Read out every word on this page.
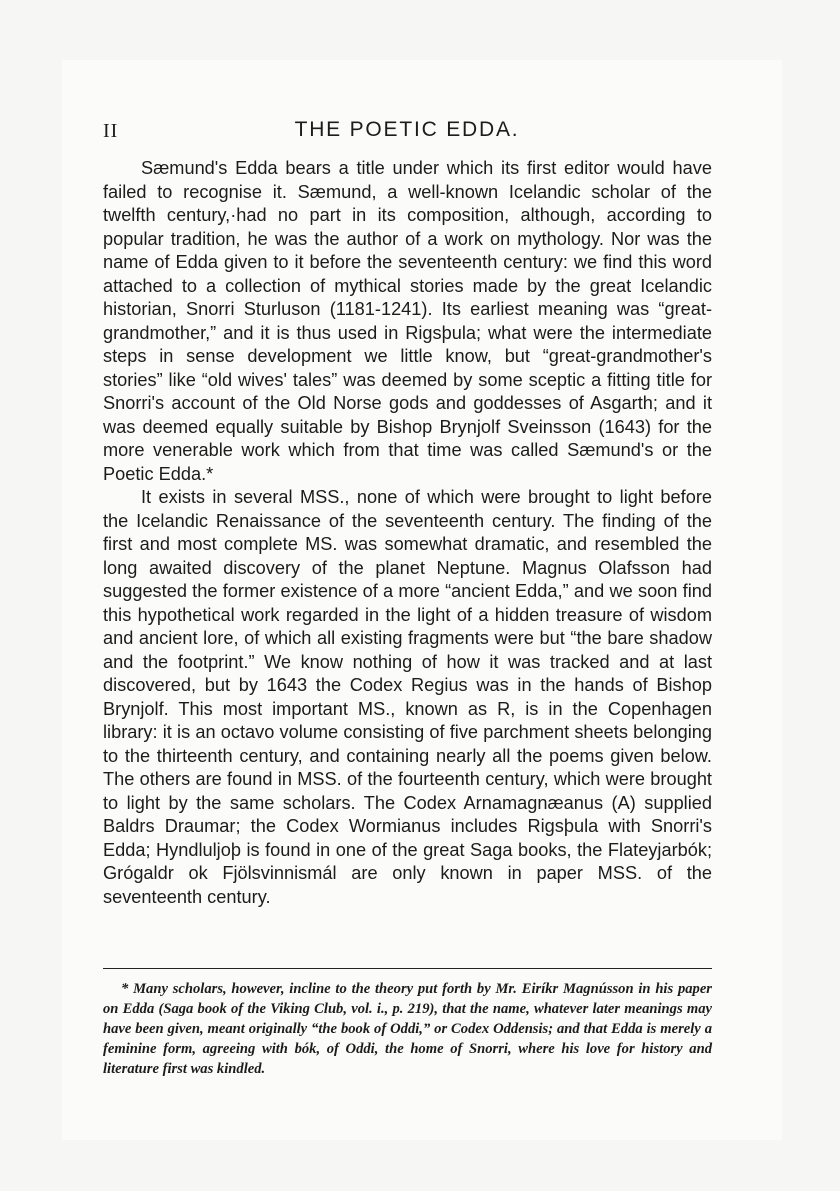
II	THE POETIC EDDA.

Sæmund's Edda bears a title under which its first editor would have failed to recognise it. Sæmund, a well-known Icelandic scholar of the twelfth century,·had no part in its composition, although, according to popular tradition, he was the author of a work on mythology. Nor was the name of Edda given to it before the seventeenth century: we find this word attached to a collection of mythical stories made by the great Icelandic historian, Snorri Sturluson (1181-1241). Its earliest meaning was “great-grandmother,” and it is thus used in Rigsþula; what were the intermediate steps in sense development we little know, but “great-grandmother's stories” like “old wives' tales” was deemed by some sceptic a fitting title for Snorri's account of the Old Norse gods and goddesses of Asgarth; and it was deemed equally suitable by Bishop Brynjolf Sveinsson (1643) for the more venerable work which from that time was called Sæmund's or the Poetic Edda.*

It exists in several MSS., none of which were brought to light before the Icelandic Renaissance of the seventeenth century. The finding of the first and most complete MS. was somewhat dramatic, and resembled the long awaited discovery of the planet Neptune. Magnus Olafsson had suggested the former existence of a more “ancient Edda,” and we soon find this hypothetical work regarded in the light of a hidden treasure of wisdom and ancient lore, of which all existing fragments were but “the bare shadow and the footprint.” We know nothing of how it was tracked and at last discovered, but by 1643 the Codex Regius was in the hands of Bishop Brynjolf. This most important MS., known as R, is in the Copenhagen library: it is an octavo volume consisting of five parchment sheets belonging to the thirteenth century, and containing nearly all the poems given below. The others are found in MSS. of the fourteenth century, which were brought to light by the same scholars. The Codex Arnamagnæanus (A) supplied Baldrs Draumar; the Codex Wormianus includes Rigsþula with Snorri's Edda; Hyndluljoþ is found in one of the great Saga books, the Flateyjarbók; Grógaldr ok Fjölsvinnismál are only known in paper MSS. of the seventeenth century.

* Many scholars, however, incline to the theory put forth by Mr. Eiríkr Magnússon in his paper on Edda (Saga book of the Viking Club, vol. i., p. 219), that the name, whatever later meanings may have been given, meant originally “the book of Oddi,” or Codex Oddensis; and that Edda is merely a feminine form, agreeing with bók, of Oddi, the home of Snorri, where his love for history and literature first was kindled.
